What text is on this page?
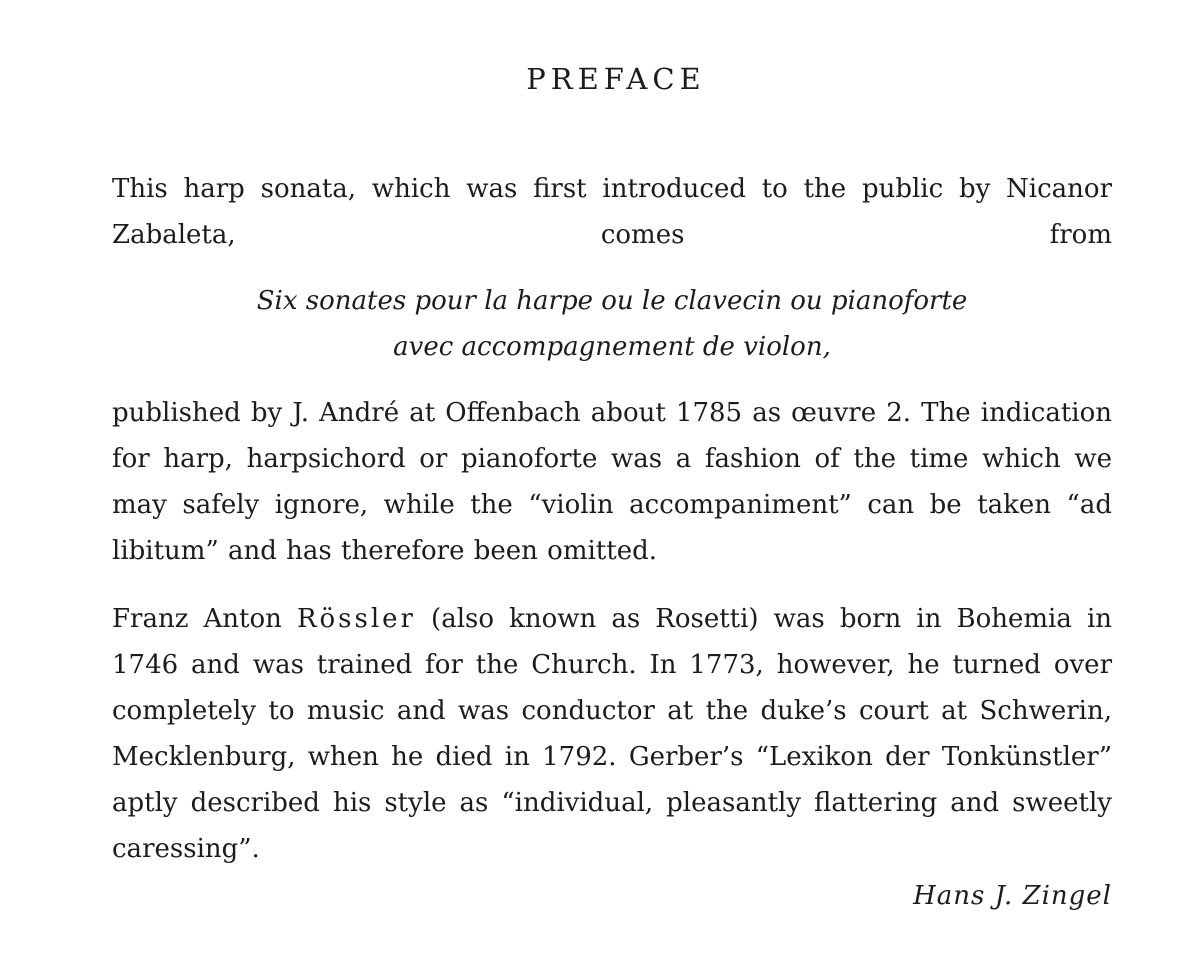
PREFACE

This harp sonata, which was first introduced to the public by Nicanor
Zabaleta, comes from

Six sonates pour la harpe ou le clavecin ou pianoforte
avec accompagnement de violon,

published by J. André at Offenbach about 1785 as œuvre 2. The indication for harp, harpsichord or pianoforte was a fashion of the time which we may safely ignore, while the “violin accompaniment” can be taken “ad libitum” and has therefore been omitted.

Franz Anton Rössler (also known as Rosetti) was born in Bohemia in 1746 and was trained for the Church. In 1773, however, he turned over completely to music and was conductor at the duke’s court at Schwerin, Mecklenburg, when he died in 1792. Gerber’s “Lexikon der Tonkünstler” aptly described his style as “individual, pleasantly flattering and sweetly caressing”.

Hans J. Zingel
